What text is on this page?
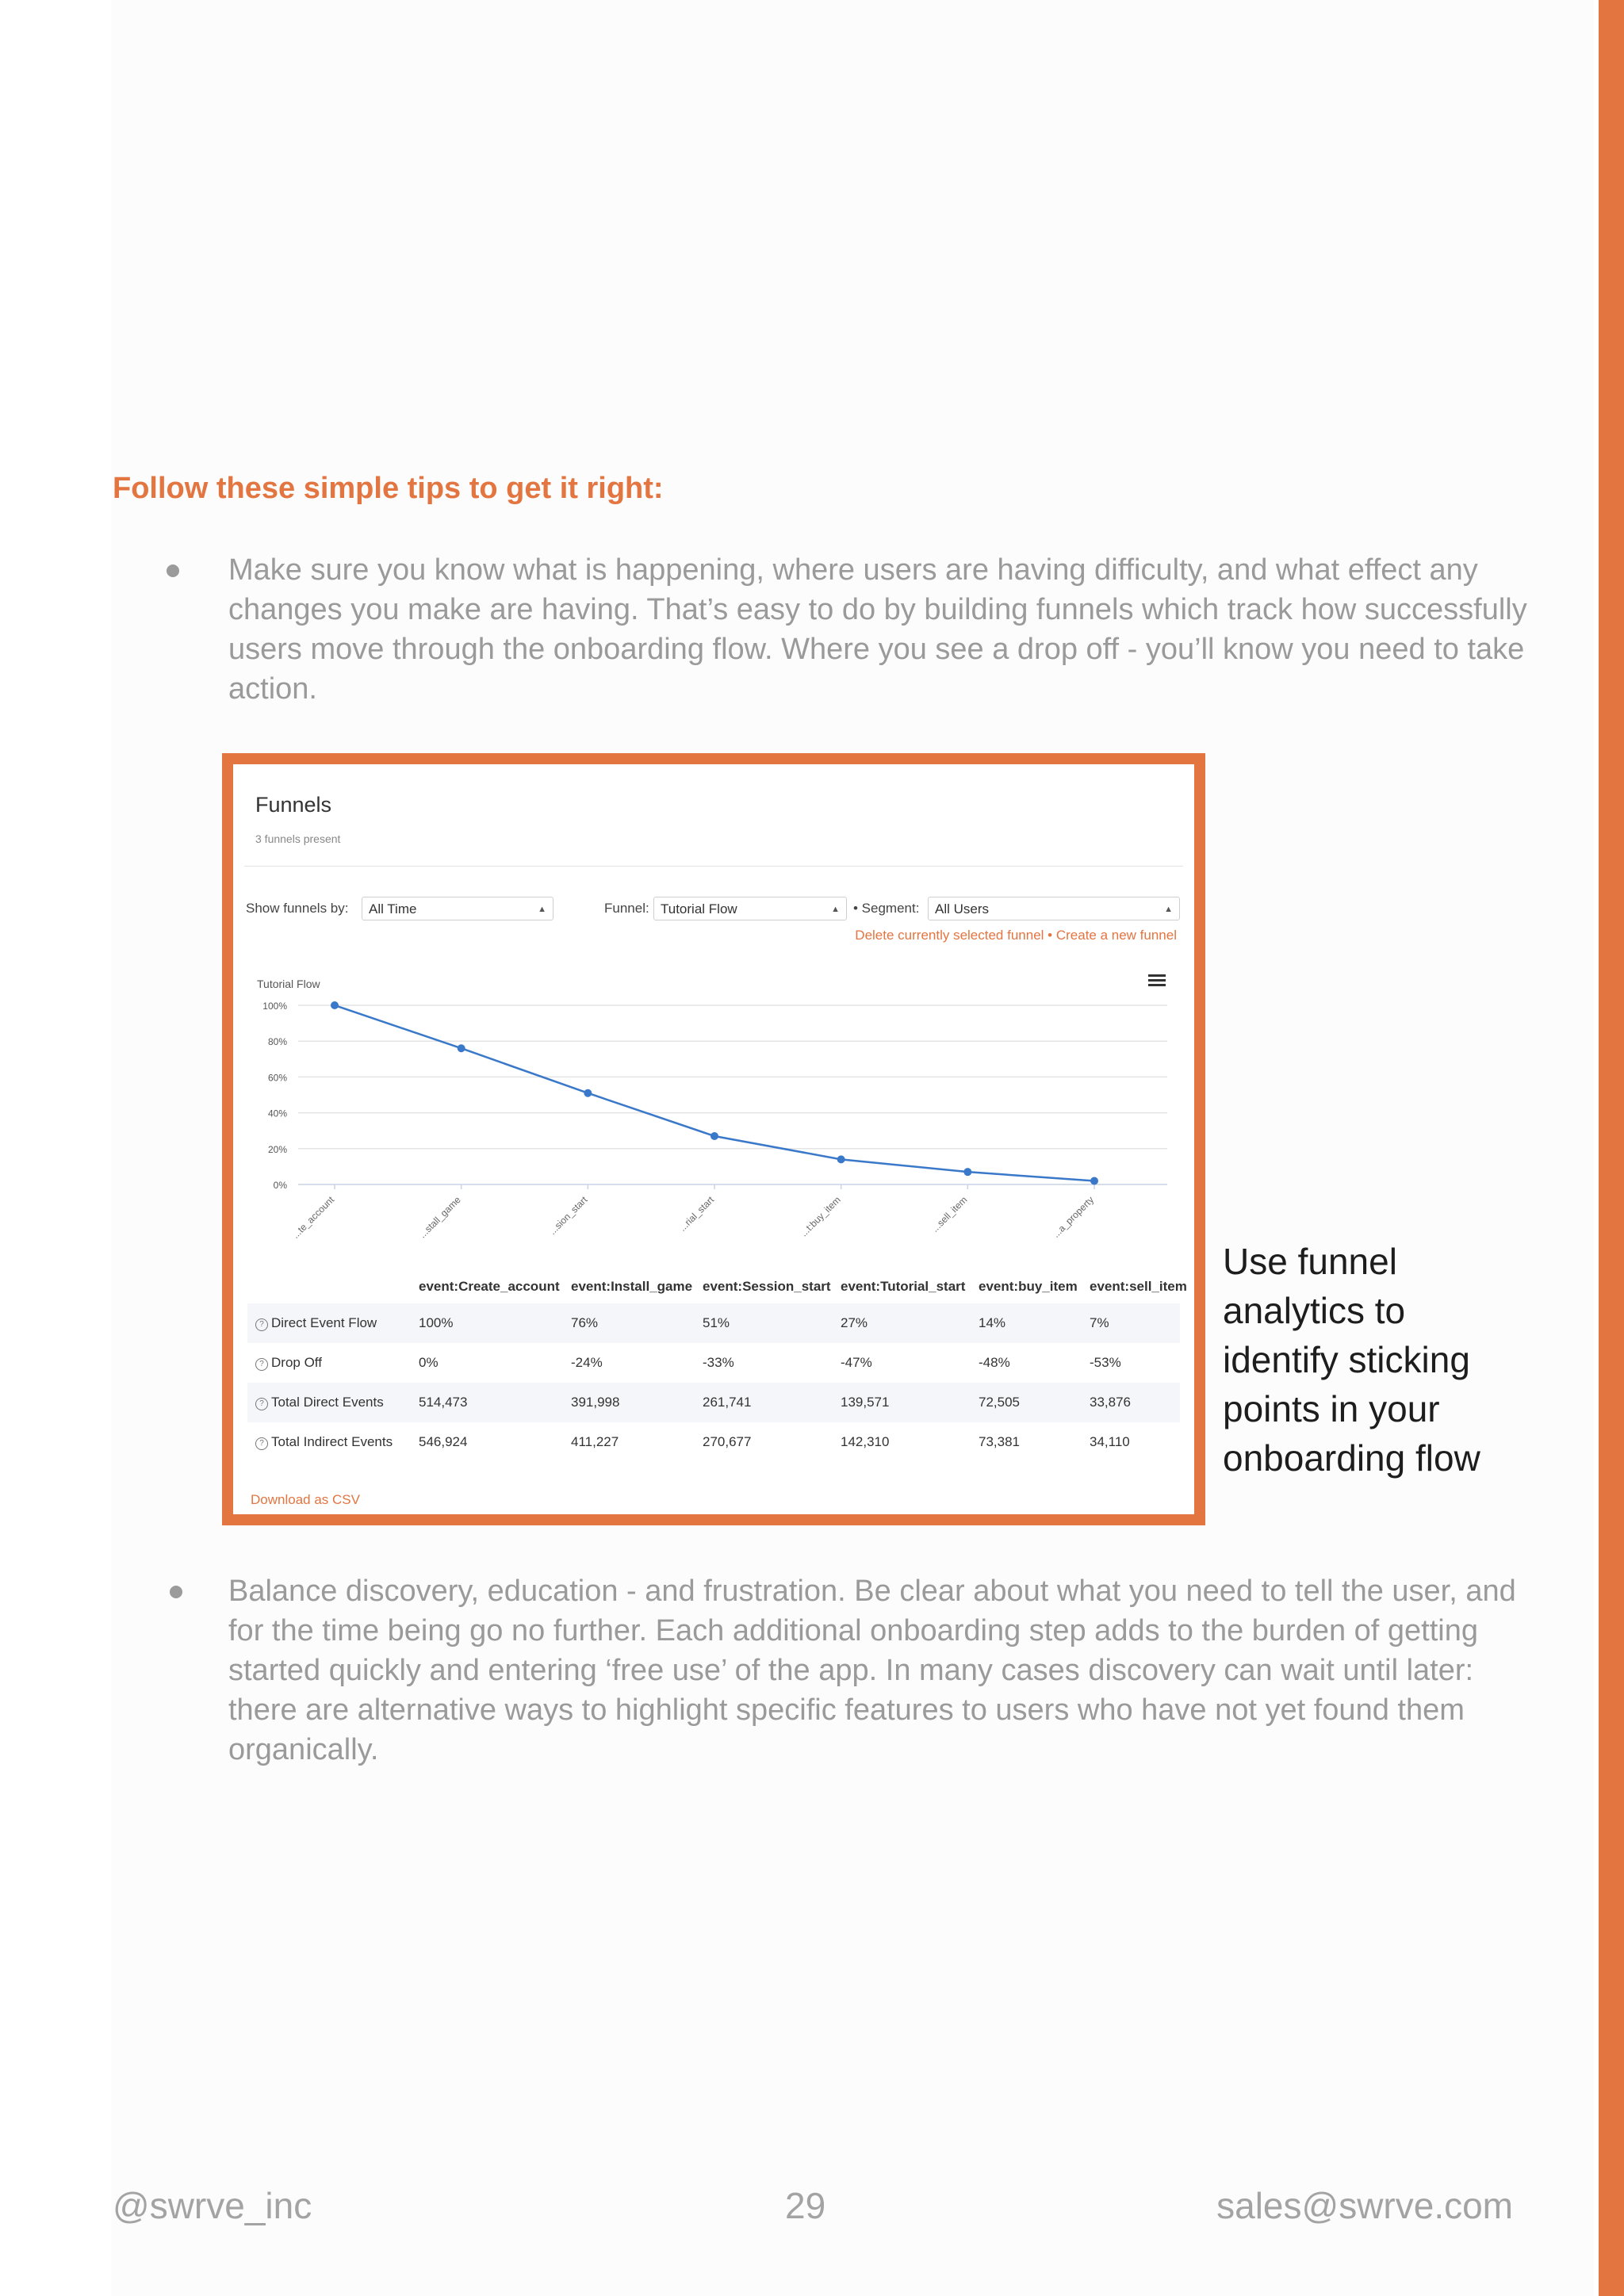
Follow these simple tips to get it right:

Make sure you know what is happening, where users are having difficulty, and what effect any changes you make are having. That’s easy to do by building funnels which track how successfully users move through the onboarding flow. Where you see a drop off - you’ll know you need to take action.

Funnels
3 funnels present
Show funnels by:	All Time	▲	Funnel: Tutorial Flow	▲ • Segment:	All Users	▲
Delete currently selected funnel • Create a new funnel
Tutorial Flow
0%
20%
40%
60%
80%
100%
...te_account	...stall_game	...sion_start	...rial_start	...t:buy_item	...sell_item	...a_property
	event:Create_account	event:Install_game	event:Session_start	event:Tutorial_start	event:buy_item	event:sell_item
? Direct Event Flow	100%	76%	51%	27%	14%	7%
? Drop Off	0%	-24%	-33%	-47%	-48%	-53%
? Total Direct Events	514,473	391,998	261,741	139,571	72,505	33,876
? Total Indirect Events	546,924	411,227	270,677	142,310	73,381	34,110
Download as CSV

Use funnel analytics to identify sticking points in your onboarding flow

Balance discovery, education - and frustration. Be clear about what you need to tell the user, and for the time being go no further. Each additional onboarding step adds to the burden of getting started quickly and entering ‘free use’ of the app. In many cases discovery can wait until later: there are alternative ways to highlight specific features to users who have not yet found them
organically.

@swrve_inc	29	sales@swrve.com
